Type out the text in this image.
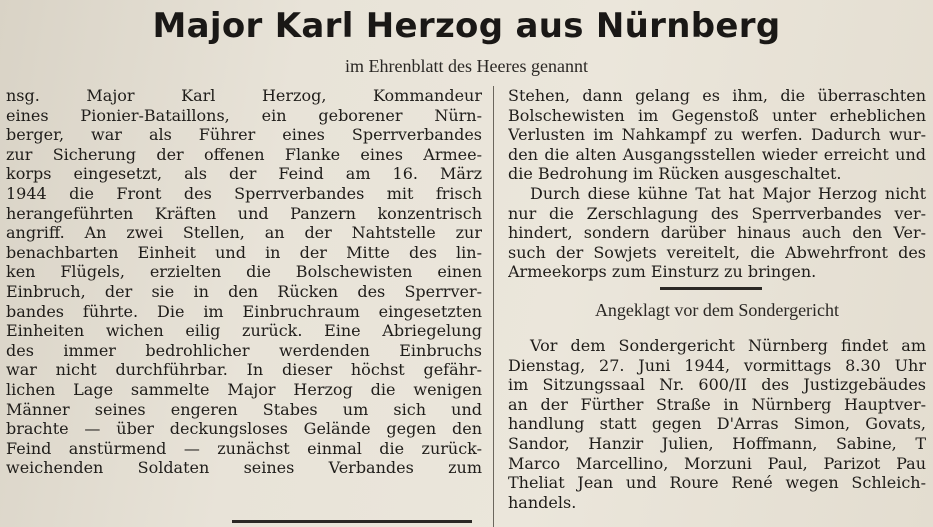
Major Karl Herzog aus Nürnberg
im Ehrenblatt des Heeres genannt
nsg. Major Karl Herzog, Kommandeur
eines Pionier-Bataillons, ein geborener Nürn-
berger, war als Führer eines Sperrverbandes
zur Sicherung der offenen Flanke eines Armee-
korps eingesetzt, als der Feind am 16. März
1944 die Front des Sperrverbandes mit frisch
herangeführten Kräften und Panzern konzentrisch
angriff. An zwei Stellen, an der Nahtstelle zur
benachbarten Einheit und in der Mitte des lin-
ken Flügels, erzielten die Bolschewisten einen
Einbruch, der sie in den Rücken des Sperrver-
bandes führte. Die im Einbruchraum eingesetzten
Einheiten wichen eilig zurück. Eine Abriegelung
des immer bedrohlicher werdenden Einbruchs
war nicht durchführbar. In dieser höchst gefähr-
lichen Lage sammelte Major Herzog die wenigen
Männer seines engeren Stabes um sich und
brachte — über deckungsloses Gelände gegen den
Feind anstürmend — zunächst einmal die zurück-
weichenden Soldaten seines Verbandes zum
Stehen, dann gelang es ihm, die überraschten
Bolschewisten im Gegenstoß unter erheblichen
Verlusten im Nahkampf zu werfen. Dadurch wur-
den die alten Ausgangsstellen wieder erreicht und
die Bedrohung im Rücken ausgeschaltet.
Durch diese kühne Tat hat Major Herzog nicht
nur die Zerschlagung des Sperrverbandes ver-
hindert, sondern darüber hinaus auch den Ver-
such der Sowjets vereitelt, die Abwehrfront des
Armeekorps zum Einsturz zu bringen.
Angeklagt vor dem Sondergericht
Vor dem Sondergericht Nürnberg findet am
Dienstag, 27. Juni 1944, vormittags 8.30 Uhr
im Sitzungssaal Nr. 600/II des Justizgebäudes
an der Fürther Straße in Nürnberg Hauptver-
handlung statt gegen D'Arras Simon, Govats,
Sandor, Hanzir Julien, Hoffmann, Sabine, T
Marco Marcellino, Morzuni Paul, Parizot Pau
Theliat Jean und Roure René wegen Schleich-
handels.
